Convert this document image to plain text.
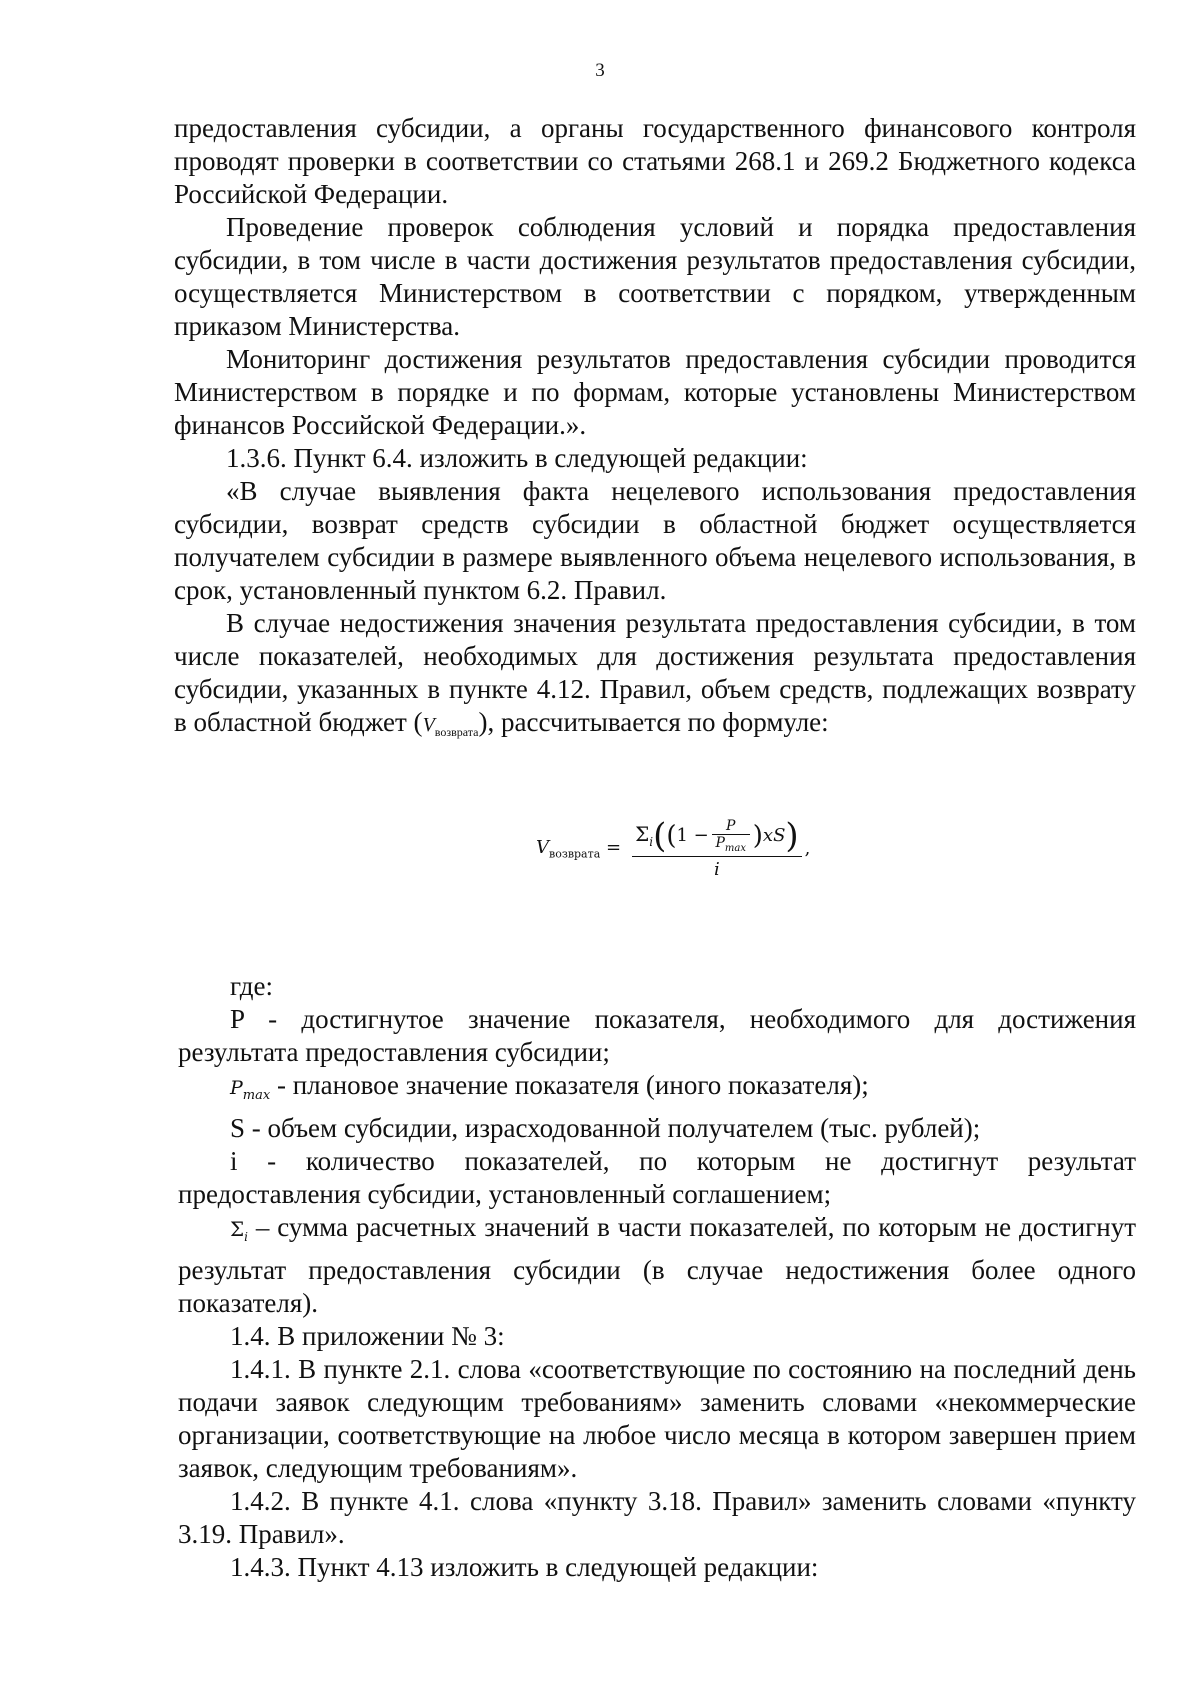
3

предоставления субсидии, а органы государственного финансового контроля проводят проверки в соответствии со статьями 268.1 и 269.2 Бюджетного кодекса Российской Федерации.

Проведение проверок соблюдения условий и порядка предоставления субсидии, в том числе в части достижения результатов предоставления субсидии, осуществляется Министерством в соответствии с порядком, утвержденным приказом Министерства.

Мониторинг достижения результатов предоставления субсидии проводится Министерством в порядке и по формам, которые установлены Министерством финансов Российской Федерации.».

1.3.6. Пункт 6.4. изложить в следующей редакции:

«В случае выявления факта нецелевого использования предоставления субсидии, возврат средств субсидии в областной бюджет осуществляется получателем субсидии в размере выявленного объема нецелевого использования, в срок, установленный пунктом 6.2. Правил.

В случае недостижения значения результата предоставления субсидии, в том числе показателей, необходимых для достижения результата предоставления субсидии, указанных в пункте 4.12. Правил, объем средств, подлежащих возврату в областной бюджет $(V_{возврата})$, рассчитывается по формуле:

$V_{возврата}$ =
$\Sigma_i$ ( ( $1 - \frac{P}{P_{max}}$ ) xS )
i
,

где:

P - достигнутое значение показателя, необходимого для достижения результата предоставления субсидии;

$P_{max}$ - плановое значение показателя (иного показателя);

S - объем субсидии, израсходованной получателем (тыс. рублей);

i - количество показателей, по которым не достигнут результат предоставления субсидии, установленный соглашением;

$\Sigma_i$ – сумма расчетных значений в части показателей, по которым не достигнут результат предоставления субсидии (в случае недостижения более одного показателя).

1.4. В приложении № 3:

1.4.1. В пункте 2.1. слова «соответствующие по состоянию на последний день подачи заявок следующим требованиям» заменить словами «некоммерческие организации, соответствующие на любое число месяца в котором завершен прием заявок, следующим требованиям».

1.4.2. В пункте 4.1. слова «пункту 3.18. Правил» заменить словами «пункту 3.19. Правил».

1.4.3. Пункт 4.13 изложить в следующей редакции:
